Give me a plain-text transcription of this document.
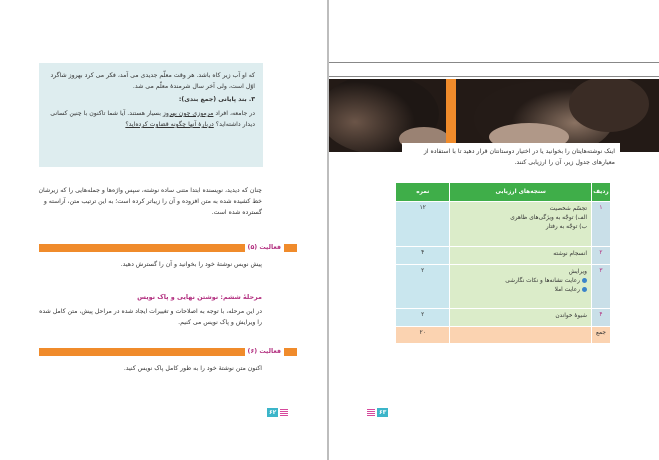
که او آب زیر کاه باشد. هر وقت معلّم جدیدی می آمد، فکر می کرد بهروز شاگرد اوّل است، ولی آخر سال شرمندهٔ معلّم می شد.

۳. بند پایانی (جمع بندی):

در جامعه، افراد مرموزی چون بهروز بسیار هستند. آیا شما تاکنون با چنین کسانی دیدار داشته‌اید؟ دربارهٔ آنها چگونه قضاوت کرده‌اید؟

چنان که دیدید، نویسنده ابتدا متنی ساده نوشته، سپس واژه‌ها و جمله‌هایی را که زیرشان خط کشیده شده به متن افزوده و آن را زیباتر کرده است؛ به این ترتیب متن، آراسته و گسترده شده است.

فعالیت (۵)

پیش نویس نوشتهٔ خود را بخوانید و آن را گسترش دهید.

مرحلهٔ ششم: نوشتن نهایی و پاک نویس

در این مرحله، با توجه به اصلاحات و تغییرات ایجاد شده در مراحل پیش، متن کامل شده را ویرایش و پاک نویس می کنیم.

فعالیت (۶)

اکنون متن نوشتهٔ خود را به طور کامل پاک نویس کنید.

۶۲

اینک نوشته‌هایتان را بخوانید یا در اختیار دوستانتان قرار دهید تا با استفاده از معیارهای جدول زیر، آن را ارزیابی کنند.

ردیف	سنجه‌های ارزیابی	نمره
۱	تجسّم شخصیت
الف) توجّه به ویژگی‌های ظاهری
ب) توجّه به رفتار	۱۲
۲	انسجام نوشته	۴
۳	ویرایش
رعایت نشانه‌ها و نکات نگارشی
رعایت املا	۲
۴	شیوهٔ خواندن	۲
جمع		۲۰
۶۳
